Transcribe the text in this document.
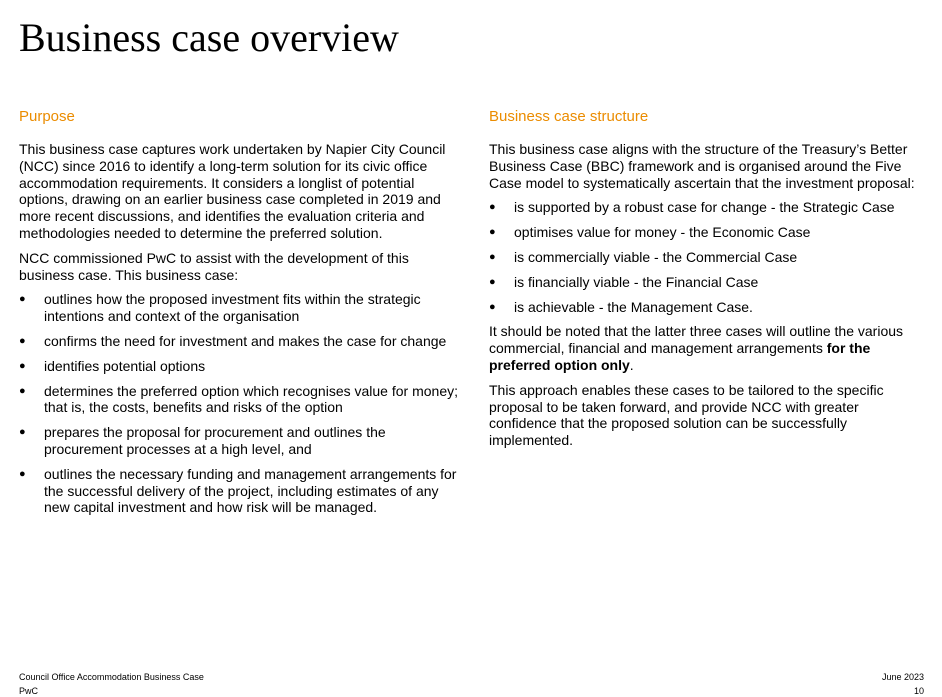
Business case overview
Purpose

This business case captures work undertaken by Napier City Council (NCC) since 2016 to identify a long-term solution for its civic office accommodation requirements. It considers a longlist of potential options, drawing on an earlier business case completed in 2019 and more recent discussions, and identifies the evaluation criteria and methodologies needed to determine the preferred solution.

NCC commissioned PwC to assist with the development of this business case. This business case:

● outlines how the proposed investment fits within the strategic intentions and context of the organisation
● confirms the need for investment and makes the case for change
● identifies potential options
● determines the preferred option which recognises value for money; that is, the costs, benefits and risks of the option
● prepares the proposal for procurement and outlines the procurement processes at a high level, and
● outlines the necessary funding and management arrangements for the successful delivery of the project, including estimates of any new capital investment and how risk will be managed.
Business case structure

This business case aligns with the structure of the Treasury’s Better Business Case (BBC) framework and is organised around the Five Case model to systematically ascertain that the investment proposal:

● is supported by a robust case for change - the Strategic Case
● optimises value for money - the Economic Case
● is commercially viable - the Commercial Case
● is financially viable - the Financial Case
● is achievable - the Management Case.

It should be noted that the latter three cases will outline the various commercial, financial and management arrangements for the preferred option only.

This approach enables these cases to be tailored to the specific proposal to be taken forward, and provide NCC with greater confidence that the proposed solution can be successfully implemented.

Council Office Accommodation Business Case
PwC
June 2023
10
